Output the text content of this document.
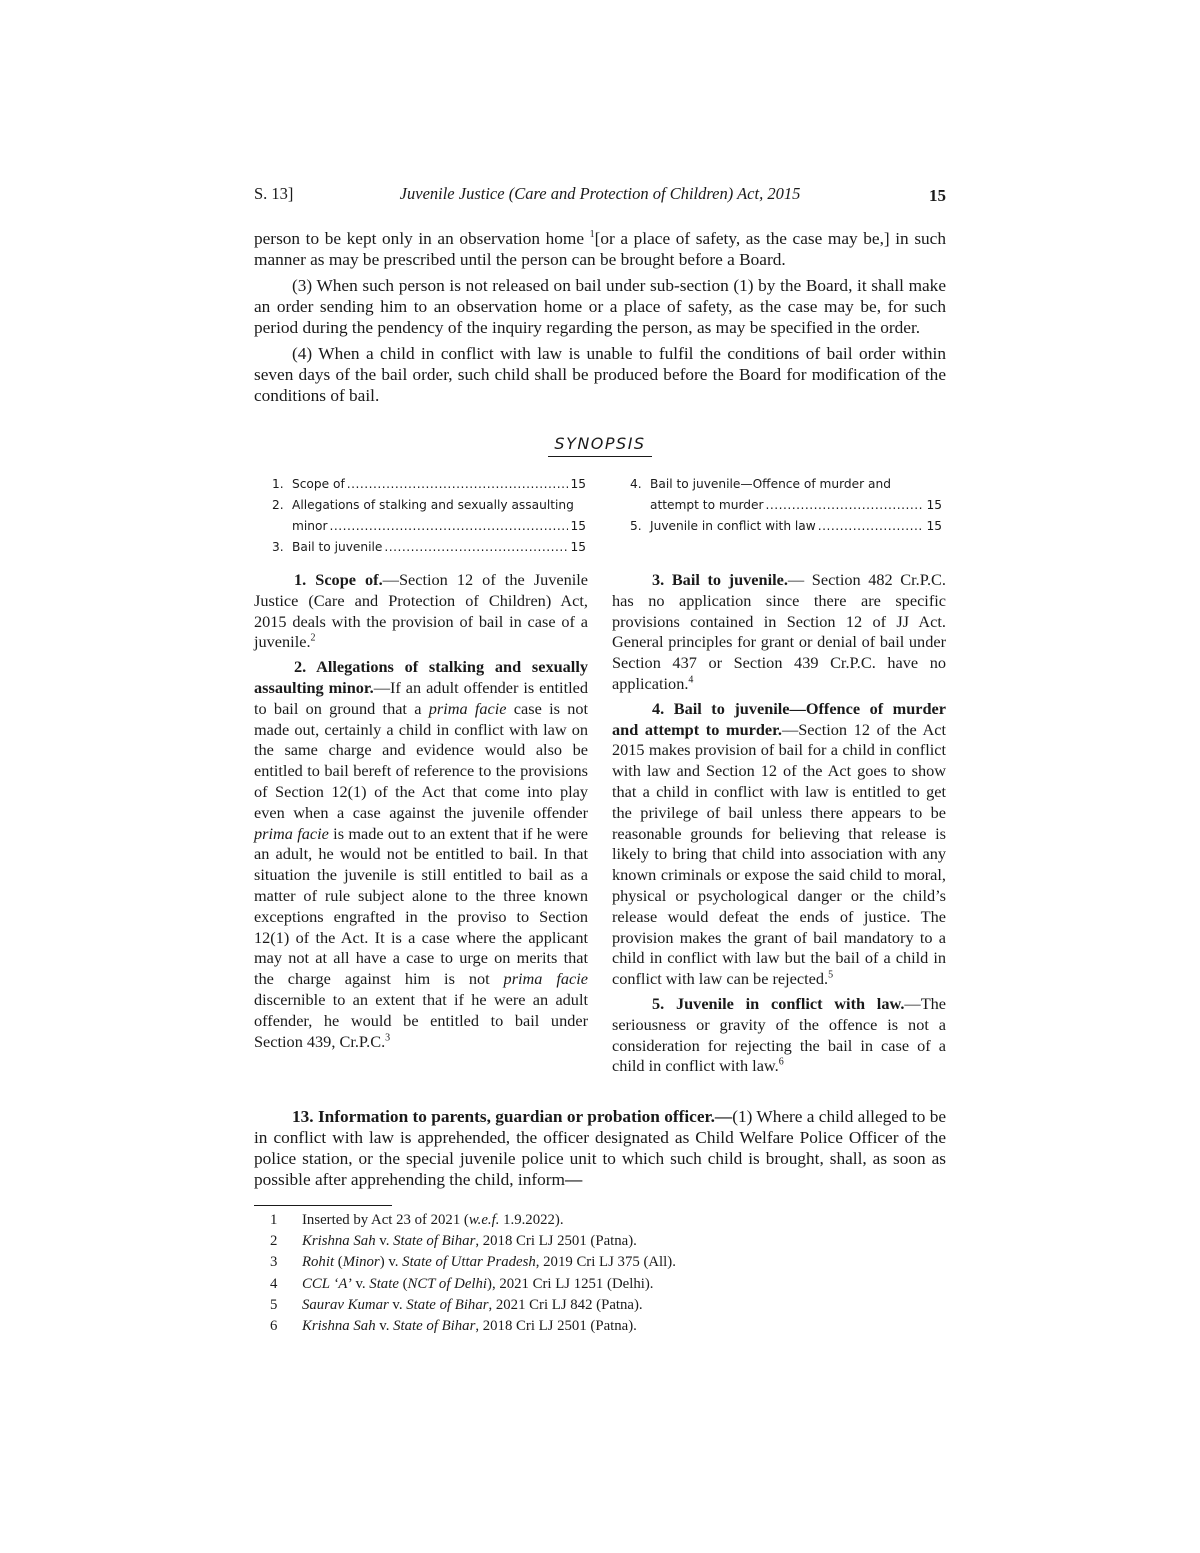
S. 13]	Juvenile Justice (Care and Protection of Children) Act, 2015	15

person to be kept only in an observation home $^1$[or a place of safety, as the case may be,] in such manner as may be prescribed until the person can be brought before a Board.

(3) When such person is not released on bail under sub-section (1) by the Board, it shall make an order sending him to an observation home or a place of safety, as the case may be, for such period during the pendency of the inquiry regarding the person, as may be specified in the order.

(4) When a child in conflict with law is unable to fulfil the conditions of bail order within seven days of the bail order, such child shall be produced before the Board for modification of the conditions of bail.

SYNOPSIS
1. Scope of .....	15
2. Allegations of stalking and sexually assaulting
minor .....	15
3. Bail to juvenile .....	15
4. Bail to juvenile—Offence of murder and
attempt to murder .....	15
5. Juvenile in conflict with law .....	15

1. Scope of.—Section 12 of the Juvenile Justice (Care and Protection of Children) Act, 2015 deals with the provision of bail in case of a juvenile.$^2$

2. Allegations of stalking and sexually assaulting minor.—If an adult offender is entitled to bail on ground that a prima facie case is not made out, certainly a child in conflict with law on the same charge and evidence would also be entitled to bail bereft of reference to the provisions of Section 12(1) of the Act that come into play even when a case against the juvenile offender prima facie is made out to an extent that if he were an adult, he would not be entitled to bail. In that situation the juvenile is still entitled to bail as a matter of rule subject alone to the three known exceptions engrafted in the proviso to Section 12(1) of the Act. It is a case where the applicant may not at all have a case to urge on merits that the charge against him is not prima facie discernible to an extent that if he were an adult offender, he would be entitled to bail under Section 439, Cr.P.C.$^3$

3. Bail to juvenile.— Section 482 Cr.P.C. has no application since there are specific provisions contained in Section 12 of JJ Act. General principles for grant or denial of bail under Section 437 or Section 439 Cr.P.C. have no application.$^4$

4. Bail to juvenile—Offence of murder and attempt to murder.—Section 12 of the Act 2015 makes provision of bail for a child in conflict with law and Section 12 of the Act goes to show that a child in conflict with law is entitled to get the privilege of bail unless there appears to be reasonable grounds for believing that release is likely to bring that child into association with any known criminals or expose the said child to moral, physical or psychological danger or the child’s release would defeat the ends of justice. The provision makes the grant of bail mandatory to a child in conflict with law but the bail of a child in conflict with law can be rejected.$^5$

5. Juvenile in conflict with law.—The seriousness or gravity of the offence is not a consideration for rejecting the bail in case of a child in conflict with law.$^6$

13. Information to parents, guardian or probation officer.—(1) Where a child alleged to be in conflict with law is apprehended, the officer designated as Child Welfare Police Officer of the police station, or the special juvenile police unit to which such child is brought, shall, as soon as possible after apprehending the child, inform—

1 Inserted by Act 23 of 2021 (w.e.f. 1.9.2022).
2 Krishna Sah v. State of Bihar, 2018 Cri LJ 2501 (Patna).
3 Rohit (Minor) v. State of Uttar Pradesh, 2019 Cri LJ 375 (All).
4 CCL ‘A’ v. State (NCT of Delhi), 2021 Cri LJ 1251 (Delhi).
5 Saurav Kumar v. State of Bihar, 2021 Cri LJ 842 (Patna).
6 Krishna Sah v. State of Bihar, 2018 Cri LJ 2501 (Patna).
